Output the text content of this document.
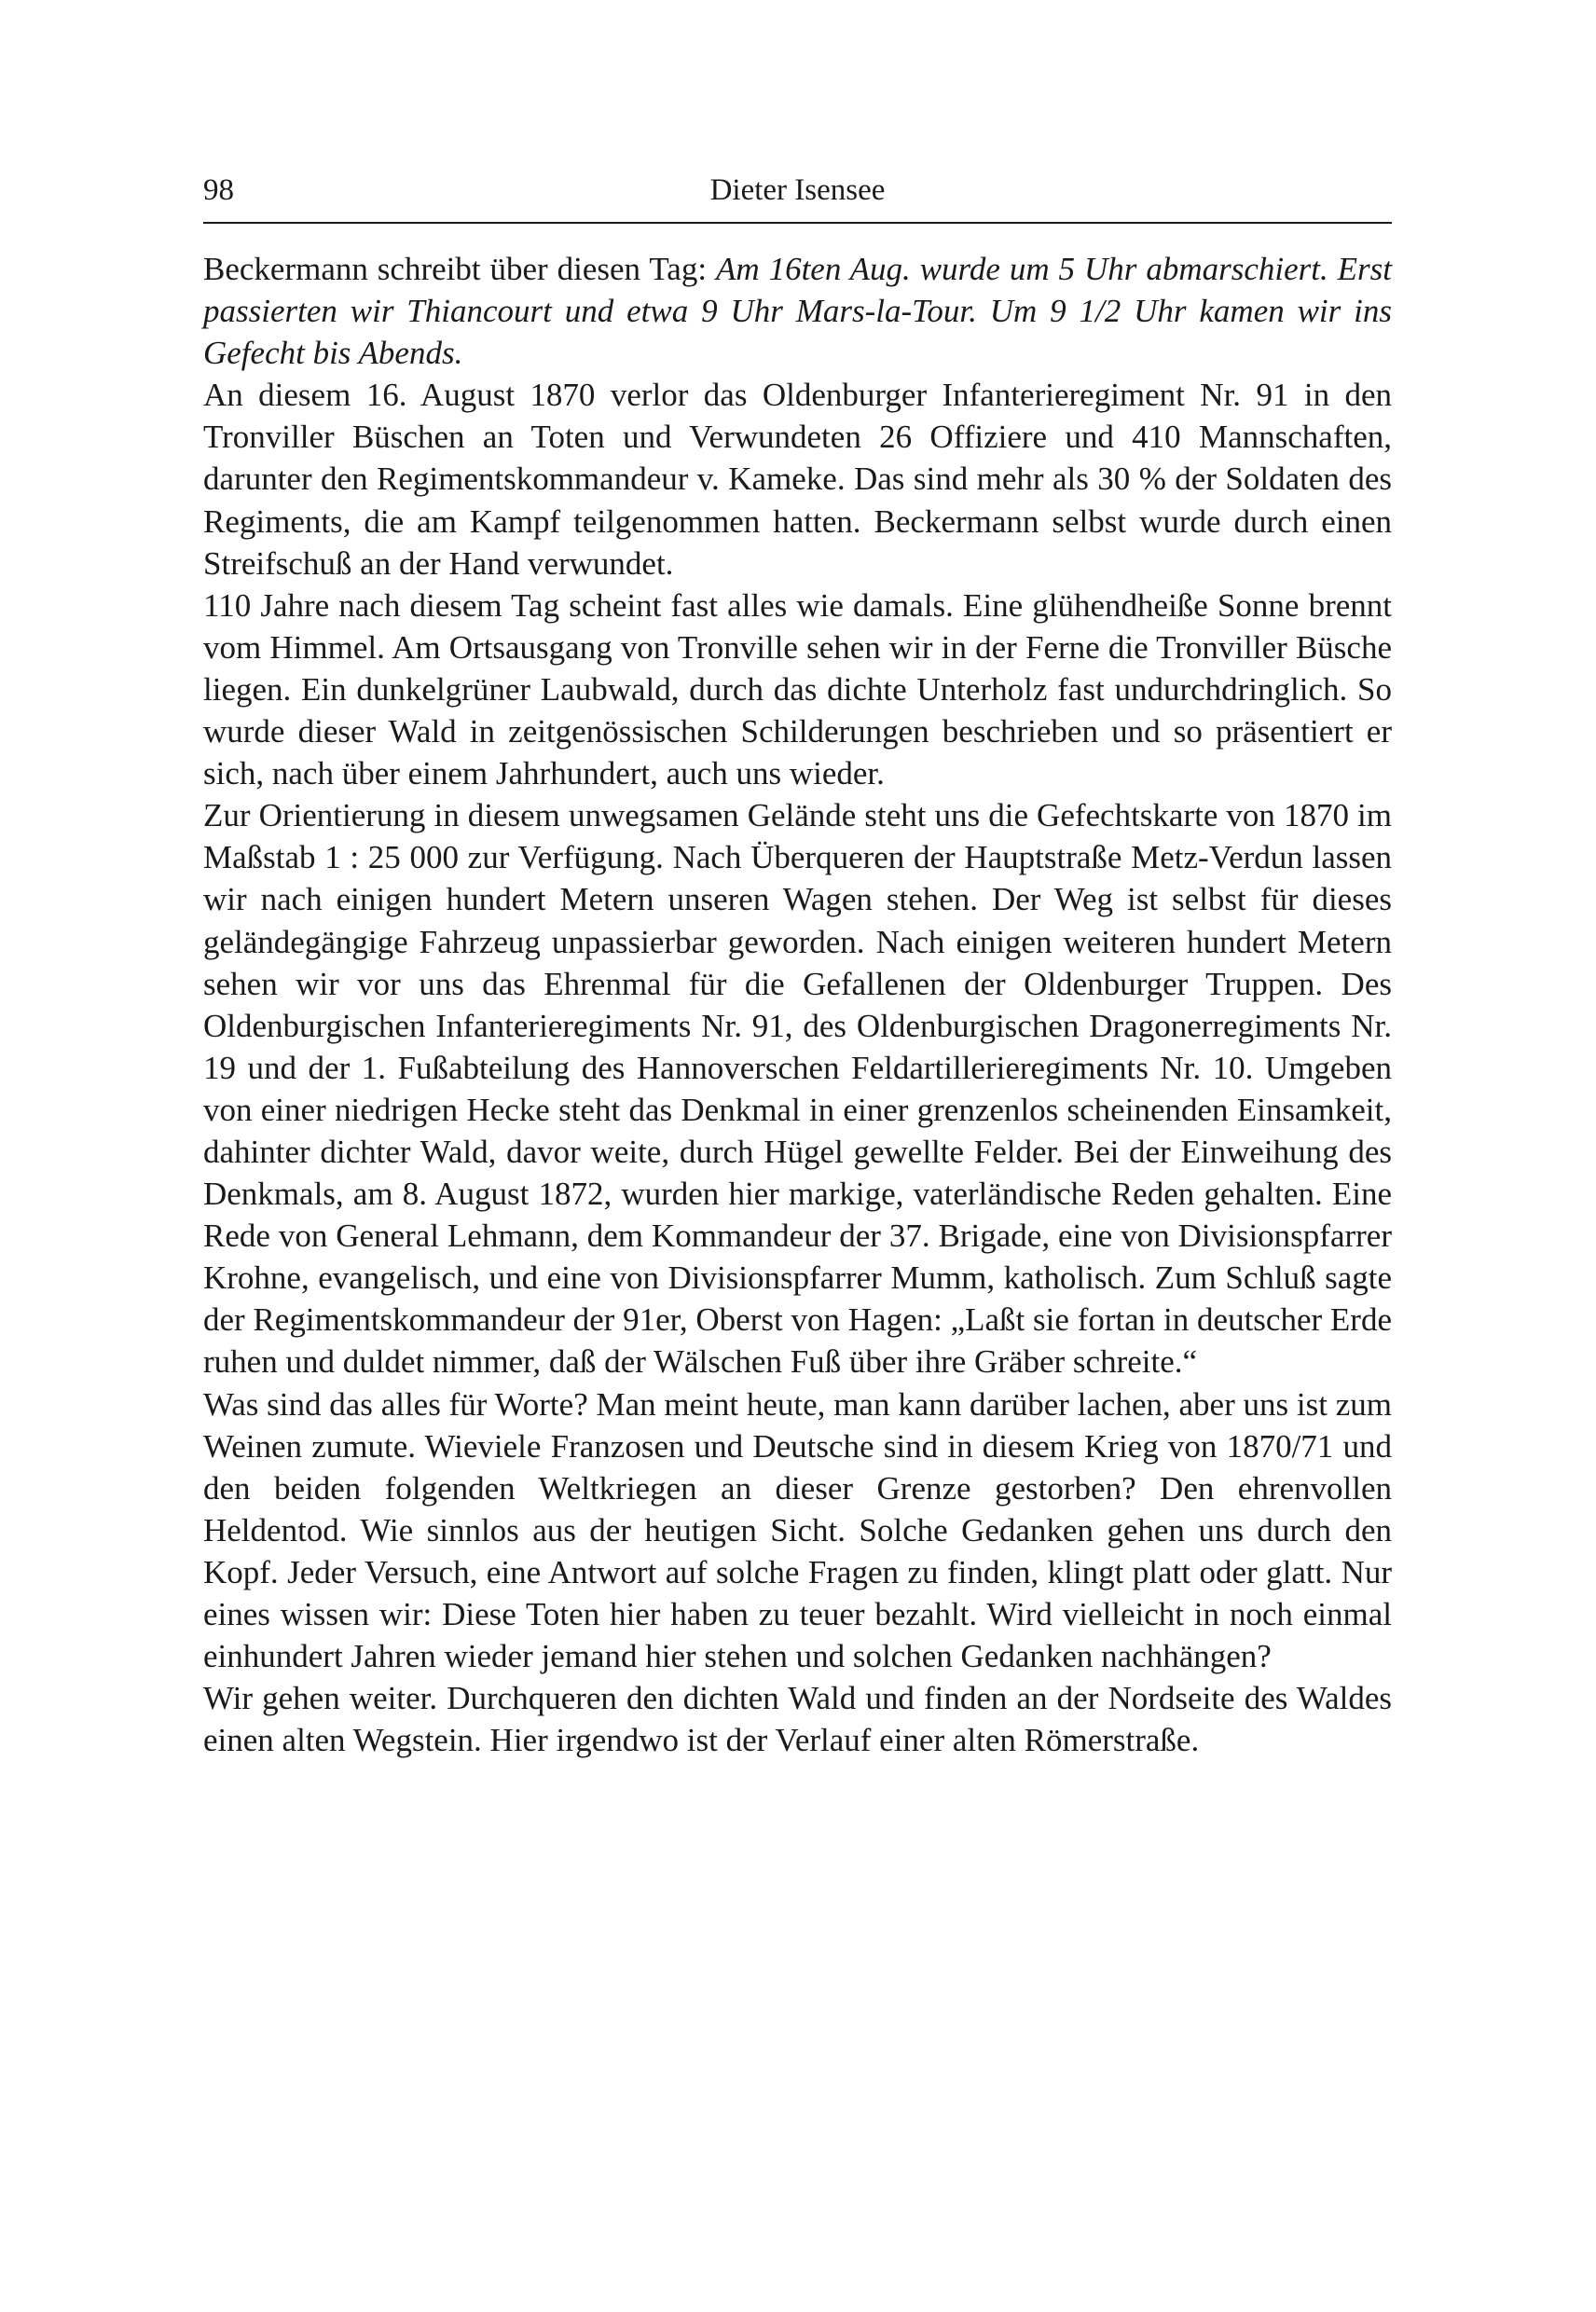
98	Dieter Isensee

Beckermann schreibt über diesen Tag: Am 16ten Aug. wurde um 5 Uhr abmarschiert. Erst passierten wir Thiancourt und etwa 9 Uhr Mars-la-Tour. Um 9 1/2 Uhr kamen wir ins Gefecht bis Abends.

An diesem 16. August 1870 verlor das Oldenburger Infanterieregiment Nr. 91 in den Tronviller Büschen an Toten und Verwundeten 26 Offiziere und 410 Mannschaften, darunter den Regimentskommandeur v. Kameke. Das sind mehr als 30 % der Soldaten des Regiments, die am Kampf teilgenommen hatten. Beckermann selbst wurde durch einen Streifschuß an der Hand verwundet.

110 Jahre nach diesem Tag scheint fast alles wie damals. Eine glühendheiße Sonne brennt vom Himmel. Am Ortsausgang von Tronville sehen wir in der Ferne die Tronviller Büsche liegen. Ein dunkelgrüner Laubwald, durch das dichte Unterholz fast undurchdringlich. So wurde dieser Wald in zeitgenössischen Schilderungen beschrieben und so präsentiert er sich, nach über einem Jahrhundert, auch uns wieder.

Zur Orientierung in diesem unwegsamen Gelände steht uns die Gefechtskarte von 1870 im Maßstab 1 : 25 000 zur Verfügung. Nach Überqueren der Hauptstraße Metz-Verdun lassen wir nach einigen hundert Metern unseren Wagen stehen. Der Weg ist selbst für dieses geländegängige Fahrzeug unpassierbar geworden. Nach einigen weiteren hundert Metern sehen wir vor uns das Ehrenmal für die Gefallenen der Oldenburger Truppen. Des Oldenburgischen Infanterieregiments Nr. 91, des Oldenburgischen Dragonerregiments Nr. 19 und der 1. Fußabteilung des Hannoverschen Feldartillerieregiments Nr. 10. Umgeben von einer niedrigen Hecke steht das Denkmal in einer grenzenlos scheinenden Einsamkeit, dahinter dichter Wald, davor weite, durch Hügel gewellte Felder. Bei der Einweihung des Denkmals, am 8. August 1872, wurden hier markige, vaterländische Reden gehalten. Eine Rede von General Lehmann, dem Kommandeur der 37. Brigade, eine von Divisionspfarrer Krohne, evangelisch, und eine von Divisionspfarrer Mumm, katholisch. Zum Schluß sagte der Regimentskommandeur der 91er, Oberst von Hagen: „Laßt sie fortan in deutscher Erde ruhen und duldet nimmer, daß der Wälschen Fuß über ihre Gräber schreite.“

Was sind das alles für Worte? Man meint heute, man kann darüber lachen, aber uns ist zum Weinen zumute. Wieviele Franzosen und Deutsche sind in diesem Krieg von 1870/71 und den beiden folgenden Weltkriegen an dieser Grenze gestorben? Den ehrenvollen Heldentod. Wie sinnlos aus der heutigen Sicht. Solche Gedanken gehen uns durch den Kopf. Jeder Versuch, eine Antwort auf solche Fragen zu finden, klingt platt oder glatt. Nur eines wissen wir: Diese Toten hier haben zu teuer bezahlt. Wird vielleicht in noch einmal einhundert Jahren wieder jemand hier stehen und solchen Gedanken nachhängen?

Wir gehen weiter. Durchqueren den dichten Wald und finden an der Nordseite des Waldes einen alten Wegstein. Hier irgendwo ist der Verlauf einer alten Römerstraße.
